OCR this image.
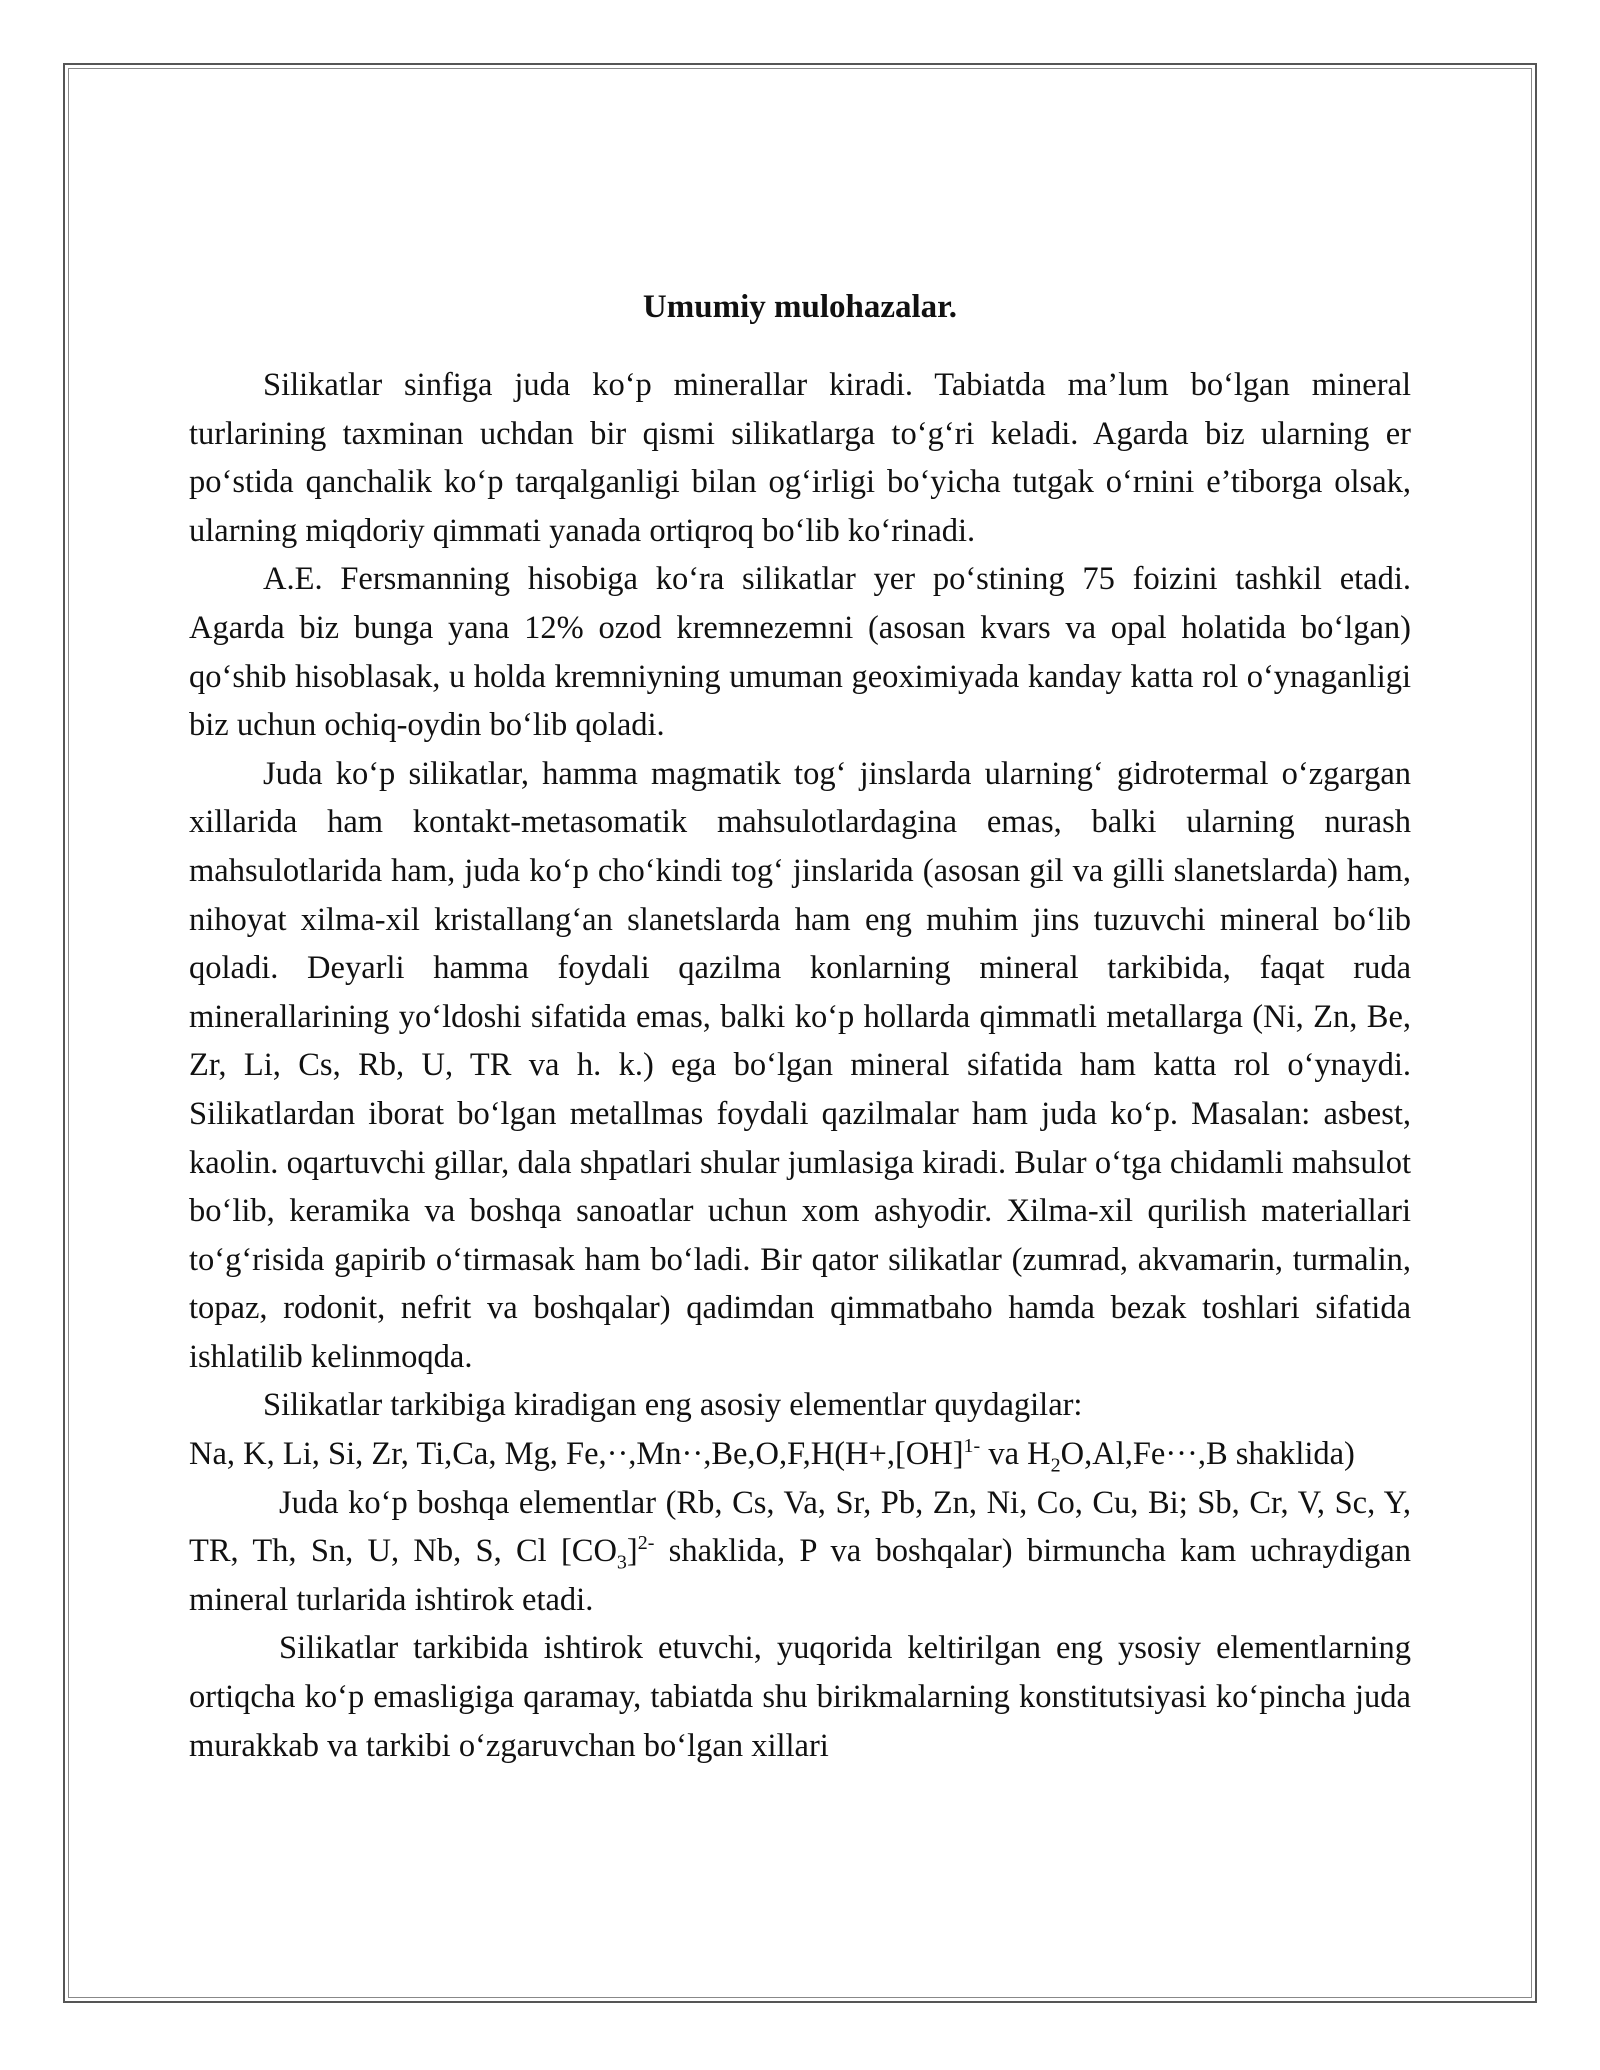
Umumiy mulohazalar.

Silikatlar sinfiga juda ko‘p minerallar kiradi. Tabiatda ma’lum bo‘lgan mineral turlarining taxminan uchdan bir qismi silikatlarga to‘g‘ri keladi. Agarda biz ularning er po‘stida qanchalik ko‘p tarqalganligi bilan og‘irligi bo‘yicha tutgak o‘rnini e’tiborga olsak, ularning miqdoriy qimmati yanada ortiqroq bo‘lib ko‘rinadi.

A.E. Fersmanning hisobiga ko‘ra silikatlar yer po‘stining 75 foizini tashkil etadi. Agarda biz bunga yana 12% ozod kremnezemni (asosan kvars va opal holatida bo‘lgan) qo‘shib hisoblasak, u holda kremniyning umuman geoximiyada kanday katta rol o‘ynaganligi biz uchun ochiq-oydin bo‘lib qoladi.

Juda ko‘p silikatlar, hamma magmatik tog‘ jinslarda ularning‘ gidrotermal o‘zgargan xillarida ham kontakt-metasomatik mahsulotlardagina emas, balki ularning nurash mahsulotlarida ham, juda ko‘p cho‘kindi tog‘ jinslarida (asosan gil va gilli slanetslarda) ham, nihoyat xilma-xil kristallang‘an slanetslarda ham eng muhim jins tuzuvchi mineral bo‘lib qoladi. Deyarli hamma foydali qazilma konlarning mineral tarkibida, faqat ruda minerallarining yo‘ldoshi sifatida emas, balki ko‘p hollarda qimmatli metallarga (Ni, Zn, Be, Zr, Li, Cs, Rb, U, TR va h. k.) ega bo‘lgan mineral sifatida ham katta rol o‘ynaydi. Silikatlardan iborat bo‘lgan metallmas foydali qazilmalar ham juda ko‘p. Masalan: asbest, kaolin. oqartuvchi gillar, dala shpatlari shular jumlasiga kiradi. Bular o‘tga chidamli mahsulot bo‘lib, keramika va boshqa sanoatlar uchun xom ashyodir. Xilma-xil qurilish materiallari to‘g‘risida gapirib o‘tirmasak ham bo‘ladi. Bir qator silikatlar (zumrad, akvamarin, turmalin, topaz, rodonit, nefrit va boshqalar) qadimdan qimmatbaho hamda bezak toshlari sifatida ishlatilib kelinmoqda.

Silikatlar tarkibiga kiradigan eng asosiy elementlar quydagilar:

Na, K, Li, Si, Zr, Ti,Ca, Mg, Fe,··,Mn··,Be,O,F,H(H+,[OH]$^{1-}$ va $H_2O,Al,Fe\cdot\cdot\cdot,B$ shaklida)

Juda ko‘p boshqa elementlar (Rb, Cs, Va, Sr, Pb, Zn, Ni, Co, Cu, Bi; Sb, Cr, V, Sc, Y, TR, Th, Sn, U, Nb, S, Cl $[CO_3]^{2-}$ shaklida, P va boshqalar) birmuncha kam uchraydigan mineral turlarida ishtirok etadi.

Silikatlar tarkibida ishtirok etuvchi, yuqorida keltirilgan eng ysosiy elementlarning ortiqcha ko‘p emasligiga qaramay, tabiatda shu birikmalarning konstitutsiyasi ko‘pincha juda murakkab va tarkibi o‘zgaruvchan bo‘lgan xillari
